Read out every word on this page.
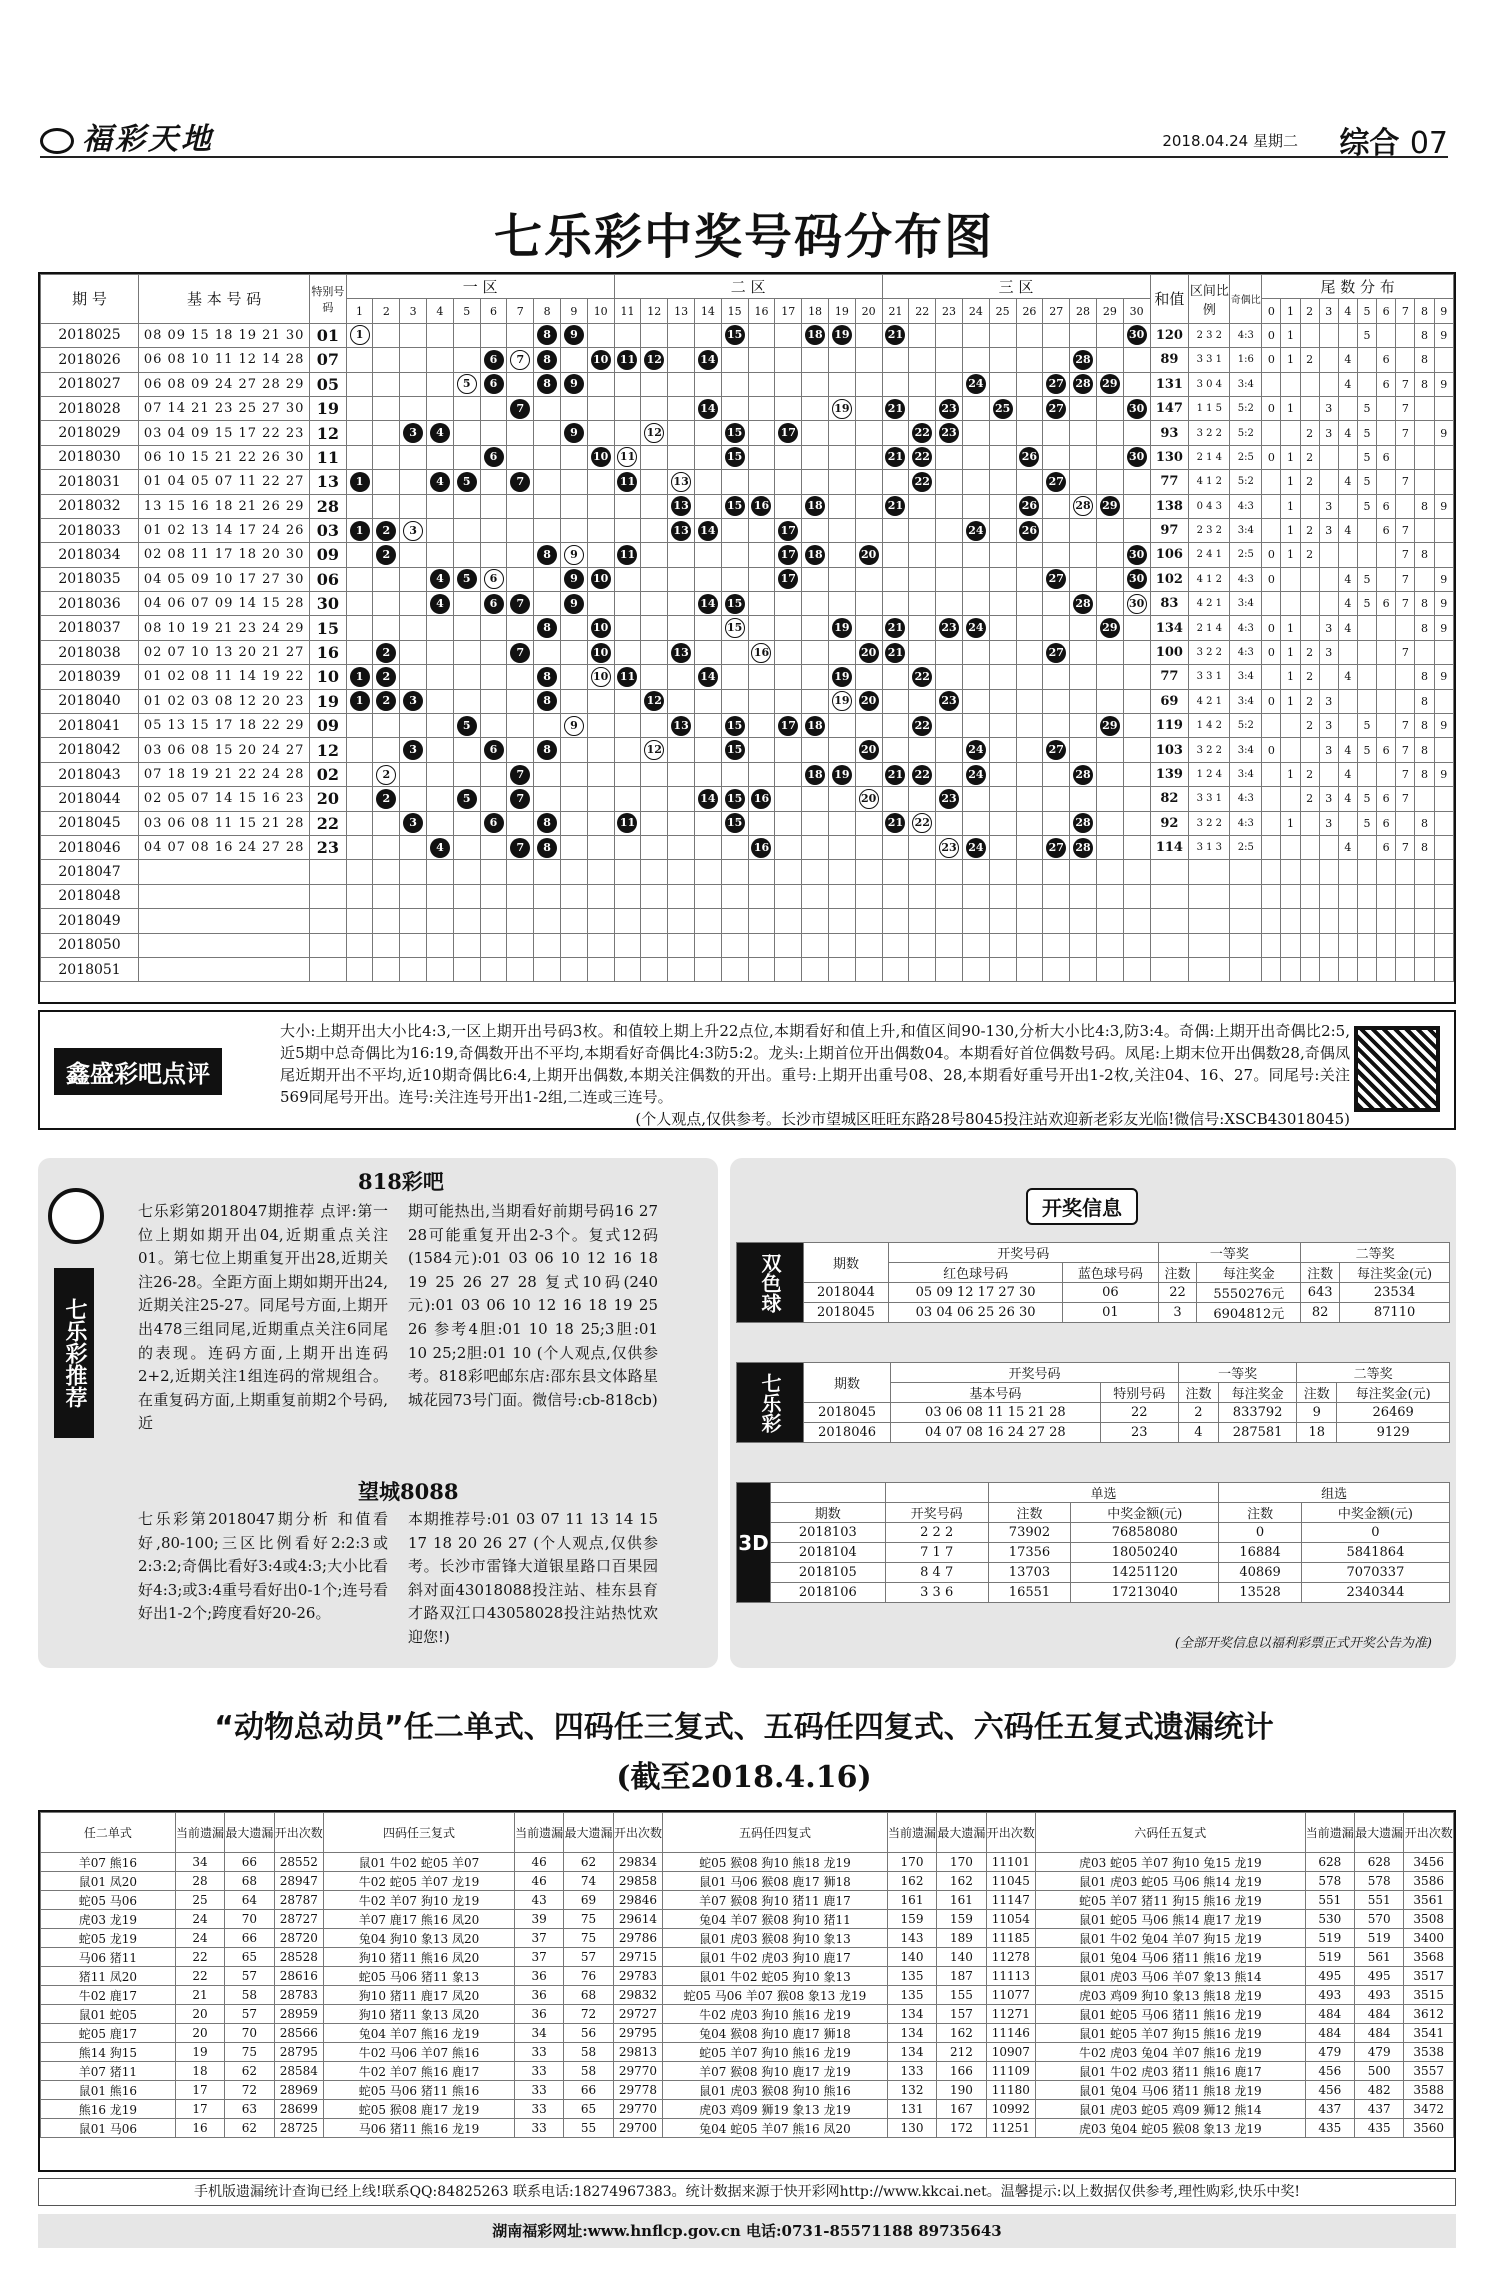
福彩天地	2018.04.24 星期二 综合 07
七乐彩中奖号码分布图
期 号	基 本 号 码	特别号码	一 区										二 区										三 区										和值	区间比例	奇偶比	尾 数 分 布									
			1	2	3	4	5	6	7	8	9	10	11	12	13	14	15	16	17	18	19	20	21	22	23	24	25	26	27	28	29	30				0	1	2	3	4	5	6	7	8	9
2018025	08 09 15 18 19 21 30	01	1							8	9						15			18	19		21									30	120	2 3 2	4:3	0	1				5			8	9
2018026	06 08 10 11 12 14 28	07						6	7	8		10	11	12		14														28			89	3 3 1	1:6	0	1	2		4		6		8	
2018027	06 08 09 24 27 28 29	05					5	6		8	9															24			27	28	29		131	3 0 4	3:4					4		6	7	8	9
2018028	07 14 21 23 25 27 30	19							7							14					19		21		23		25		27			30	147	1 1 5	5:2	0	1		3		5		7		
2018029	03 04 09 15 17 22 23	12			3	4					9			12			15		17					22	23								93	3 2 2	5:2			2	3	4	5		7		9
2018030	06 10 15 21 22 26 30	11						6				10	11				15						21	22				26				30	130	2 1 4	2:5	0	1	2			5	6			
2018031	01 04 05 07 11 22 27	13	1			4	5		7				11		13									22					27				77	4 1 2	5:2		1	2		4	5		7		
2018032	13 15 16 18 21 26 29	28													13		15	16		18			21					26		28	29		138	0 4 3	4:3		1		3		5	6		8	9
2018033	01 02 13 14 17 24 26	03	1	2	3										13	14			17							24		26					97	2 3 2	3:4		1	2	3	4		6	7		
2018034	02 08 11 17 18 20 30	09		2						8	9		11						17	18		20										30	106	2 4 1	2:5	0	1	2					7	8	
2018035	04 05 09 10 17 27 30	06				4	5	6			9	10							17										27			30	102	4 1 2	4:3	0				4	5		7		9
2018036	04 06 07 09 14 15 28	30				4		6	7		9					14	15													28		30	83	4 2 1	3:4					4	5	6	7	8	9
2018037	08 10 19 21 23 24 29	15								8		10					15				19		21		23	24					29		134	2 1 4	4:3	0	1		3	4				8	9
2018038	02 07 10 13 20 21 27	16		2					7			10			13			16				20	21						27				100	3 2 2	4:3	0	1	2	3				7		
2018039	01 02 08 11 14 19 22	10	1	2						8		10	11			14					19			22									77	3 3 1	3:4		1	2		4				8	9
2018040	01 02 03 08 12 20 23	19	1	2	3					8				12							19	20			23								69	4 2 1	3:4	0	1	2	3					8	
2018041	05 13 15 17 18 22 29	09					5				9				13		15		17	18				22							29		119	1 4 2	5:2			2	3		5		7	8	9
2018042	03 06 08 15 20 24 27	12			3			6		8				12			15					20				24			27				103	3 2 2	3:4	0			3	4	5	6	7	8	
2018043	07 18 19 21 22 24 28	02		2					7											18	19		21	22		24				28			139	1 2 4	3:4		1	2		4			7	8	9
2018044	02 05 07 14 15 16 23	20		2			5		7							14	15	16				20			23								82	3 3 1	4:3			2	3	4	5	6	7		
2018045	03 06 08 11 15 21 28	22			3			6		8			11				15						21	22						28			92	3 2 2	4:3		1		3		5	6		8	
2018046	04 07 08 16 24 27 28	23				4			7	8								16							23	24			27	28			114	3 1 3	2:5					4		6	7	8	
2018047																																													
2018048																																													
2018049																																													
2018050																																													
2018051																																													
鑫盛彩吧点评
大小:上期开出大小比4:3,一区上期开出号码3枚。和值较上期上升22点位,本期看好和值上升,和值区间90-130,分析大小比4:3,防3:4。奇偶:上期开出奇偶比2:5,近5期中总奇偶比为16:19,奇偶数开出不平均,本期看好奇偶比4:3防5:2。龙头:上期首位开出偶数04。本期看好首位偶数号码。凤尾:上期末位开出偶数28,奇偶凤尾近期开出不平均,近10期奇偶比6:4,上期开出偶数,本期关注偶数的开出。重号:上期开出重号08、28,本期看好重号开出1-2枚,关注04、16、27。同尾号:关注569同尾号开出。连号:关注连号开出1-2组,二连或三连号。
(个人观点,仅供参考。长沙市望城区旺旺东路28号8045投注站欢迎新老彩友光临!微信号:XSCB43018045)
七乐彩推荐
818彩吧
七乐彩第2018047期推荐 点评:第一位上期如期开出04,近期重点关注01。第七位上期重复开出28,近期关注26-28。全距方面上期如期开出24,近期关注25-27。同尾号方面,上期开出478三组同尾,近期重点关注6同尾的表现。连码方面,上期开出连码2+2,近期关注1组连码的常规组合。在重复码方面,上期重复前期2个号码,近
期可能热出,当期看好前期号码16 27 28可能重复开出2-3个。复式12码(1584元):01 03 06 10 12 16 18 19 25 26 27 28 复式10码(240元):01 03 06 10 12 16 18 19 25 26 参考4胆:01 10 18 25;3胆:01 10 25;2胆:01 10 (个人观点,仅供参考。818彩吧邮东店:邵东县文体路星城花园73号门面。微信号:cb-818cb)
望城8088
七乐彩第2018047期分析 和值看好,80-100;三区比例看好2:2:3或2:3:2;奇偶比看好3:4或4:3;大小比看好4:3;或3:4重号看好出0-1个;连号看好出1-2个;跨度看好20-26。
本期推荐号:01 03 07 11 13 14 15 17 18 20 26 27 (个人观点,仅供参考。长沙市雷锋大道银星路口百果园斜对面43018088投注站、桂东县育才路双江口43058028投注站热忱欢迎您!)
开奖信息
双色球	期数	开奖号码		一等奖		二等奖	
		红色球号码	蓝色球号码	注数	每注奖金	注数	每注奖金(元)
	2018044	05 09 12 17 27 30	06	22	5550276元	643	23534
	2018045	03 04 06 25 26 30	01	3	6904812元	82	87110
七乐彩	期数	开奖号码		一等奖		二等奖	
		基本号码	特别号码	注数	每注奖金	注数	每注奖金(元)
	2018045	03 06 08 11 15 21 28	22	2	833792	9	26469
	2018046	04 07 08 16 24 27 28	23	4	287581	18	9129
3D			单选		组选	
	期数	开奖号码	注数	中奖金额(元)	注数	中奖金额(元)
	2018103	2 2 2	73902	76858080	0	0
	2018104	7 1 7	17356	18050240	16884	5841864
	2018105	8 4 7	13703	14251120	40869	7070337
	2018106	3 3 6	16551	17213040	13528	2340344
(全部开奖信息以福利彩票正式开奖公告为准)
“动物总动员”任二单式、四码任三复式、五码任四复式、六码任五复式遗漏统计
(截至2018.4.16)
任二单式	当前遗漏	最大遗漏	开出次数	四码任三复式	当前遗漏	最大遗漏	开出次数	五码任四复式	当前遗漏	最大遗漏	开出次数	六码任五复式	当前遗漏	最大遗漏	开出次数
羊07 熊16	34	66	28552	鼠01 牛02 蛇05 羊07	46	62	29834	蛇05 猴08 狗10 熊18 龙19	170	170	11101	虎03 蛇05 羊07 狗10 兔15 龙19	628	628	3456
鼠01 凤20	28	68	28947	牛02 蛇05 羊07 龙19	46	74	29858	鼠01 马06 猴08 鹿17 狮18	162	162	11045	鼠01 虎03 蛇05 马06 熊14 龙19	578	578	3586
蛇05 马06	25	64	28787	牛02 羊07 狗10 龙19	43	69	29846	羊07 猴08 狗10 猪11 鹿17	161	161	11147	蛇05 羊07 猪11 狗15 熊16 龙19	551	551	3561
虎03 龙19	24	70	28727	羊07 鹿17 熊16 凤20	39	75	29614	兔04 羊07 猴08 狗10 猪11	159	159	11054	鼠01 蛇05 马06 熊14 鹿17 龙19	530	570	3508
蛇05 龙19	24	66	28720	兔04 狗10 象13 凤20	37	75	29786	鼠01 虎03 猴08 狗10 象13	143	189	11185	鼠01 牛02 兔04 羊07 狗15 龙19	519	519	3400
马06 猪11	22	65	28528	狗10 猪11 熊16 凤20	37	57	29715	鼠01 牛02 虎03 狗10 鹿17	140	140	11278	鼠01 兔04 马06 猪11 熊16 龙19	519	561	3568
猪11 凤20	22	57	28616	蛇05 马06 猪11 象13	36	76	29783	鼠01 牛02 蛇05 狗10 象13	135	187	11113	鼠01 虎03 马06 羊07 象13 熊14	495	495	3517
牛02 鹿17	21	58	28783	狗10 猪11 鹿17 凤20	36	68	29832	蛇05 马06 羊07 猴08 象13 龙19	135	155	11077	虎03 鸡09 狗10 象13 熊18 龙19	493	493	3515
鼠01 蛇05	20	57	28959	狗10 猪11 象13 凤20	36	72	29727	牛02 虎03 狗10 熊16 龙19	134	157	11271	鼠01 蛇05 马06 猪11 熊16 龙19	484	484	3612
蛇05 鹿17	20	70	28566	兔04 羊07 熊16 龙19	34	56	29795	兔04 猴08 狗10 鹿17 狮18	134	162	11146	鼠01 蛇05 羊07 狗15 熊16 龙19	484	484	3541
熊14 狗15	19	75	28795	牛02 马06 羊07 熊16	33	58	29813	蛇05 羊07 狗10 熊16 龙19	134	212	10907	牛02 虎03 兔04 羊07 熊16 龙19	479	479	3538
羊07 猪11	18	62	28584	牛02 羊07 熊16 鹿17	33	58	29770	羊07 猴08 狗10 鹿17 龙19	133	166	11109	鼠01 牛02 虎03 猪11 熊16 鹿17	456	500	3557
鼠01 熊16	17	72	28969	蛇05 马06 猪11 熊16	33	66	29778	鼠01 虎03 猴08 狗10 熊16	132	190	11180	鼠01 兔04 马06 猪11 熊18 龙19	456	482	3588
熊16 龙19	17	63	28699	蛇05 猴08 鹿17 龙19	33	65	29770	虎03 鸡09 狮19 象13 龙19	131	167	10992	鼠01 虎03 蛇05 鸡09 狮12 熊14	437	437	3472
鼠01 马06	16	62	28725	马06 猪11 熊16 龙19	33	55	29700	兔04 蛇05 羊07 熊16 凤20	130	172	11251	虎03 兔04 蛇05 猴08 象13 龙19	435	435	3560
手机版遗漏统计查询已经上线!联系QQ:84825263 联系电话:18274967383。统计数据来源于快开彩网http://www.kkcai.net。温馨提示:以上数据仅供参考,理性购彩,快乐中奖!
湖南福彩网址:www.hnflcp.gov.cn 电话:0731-85571188 89735643
